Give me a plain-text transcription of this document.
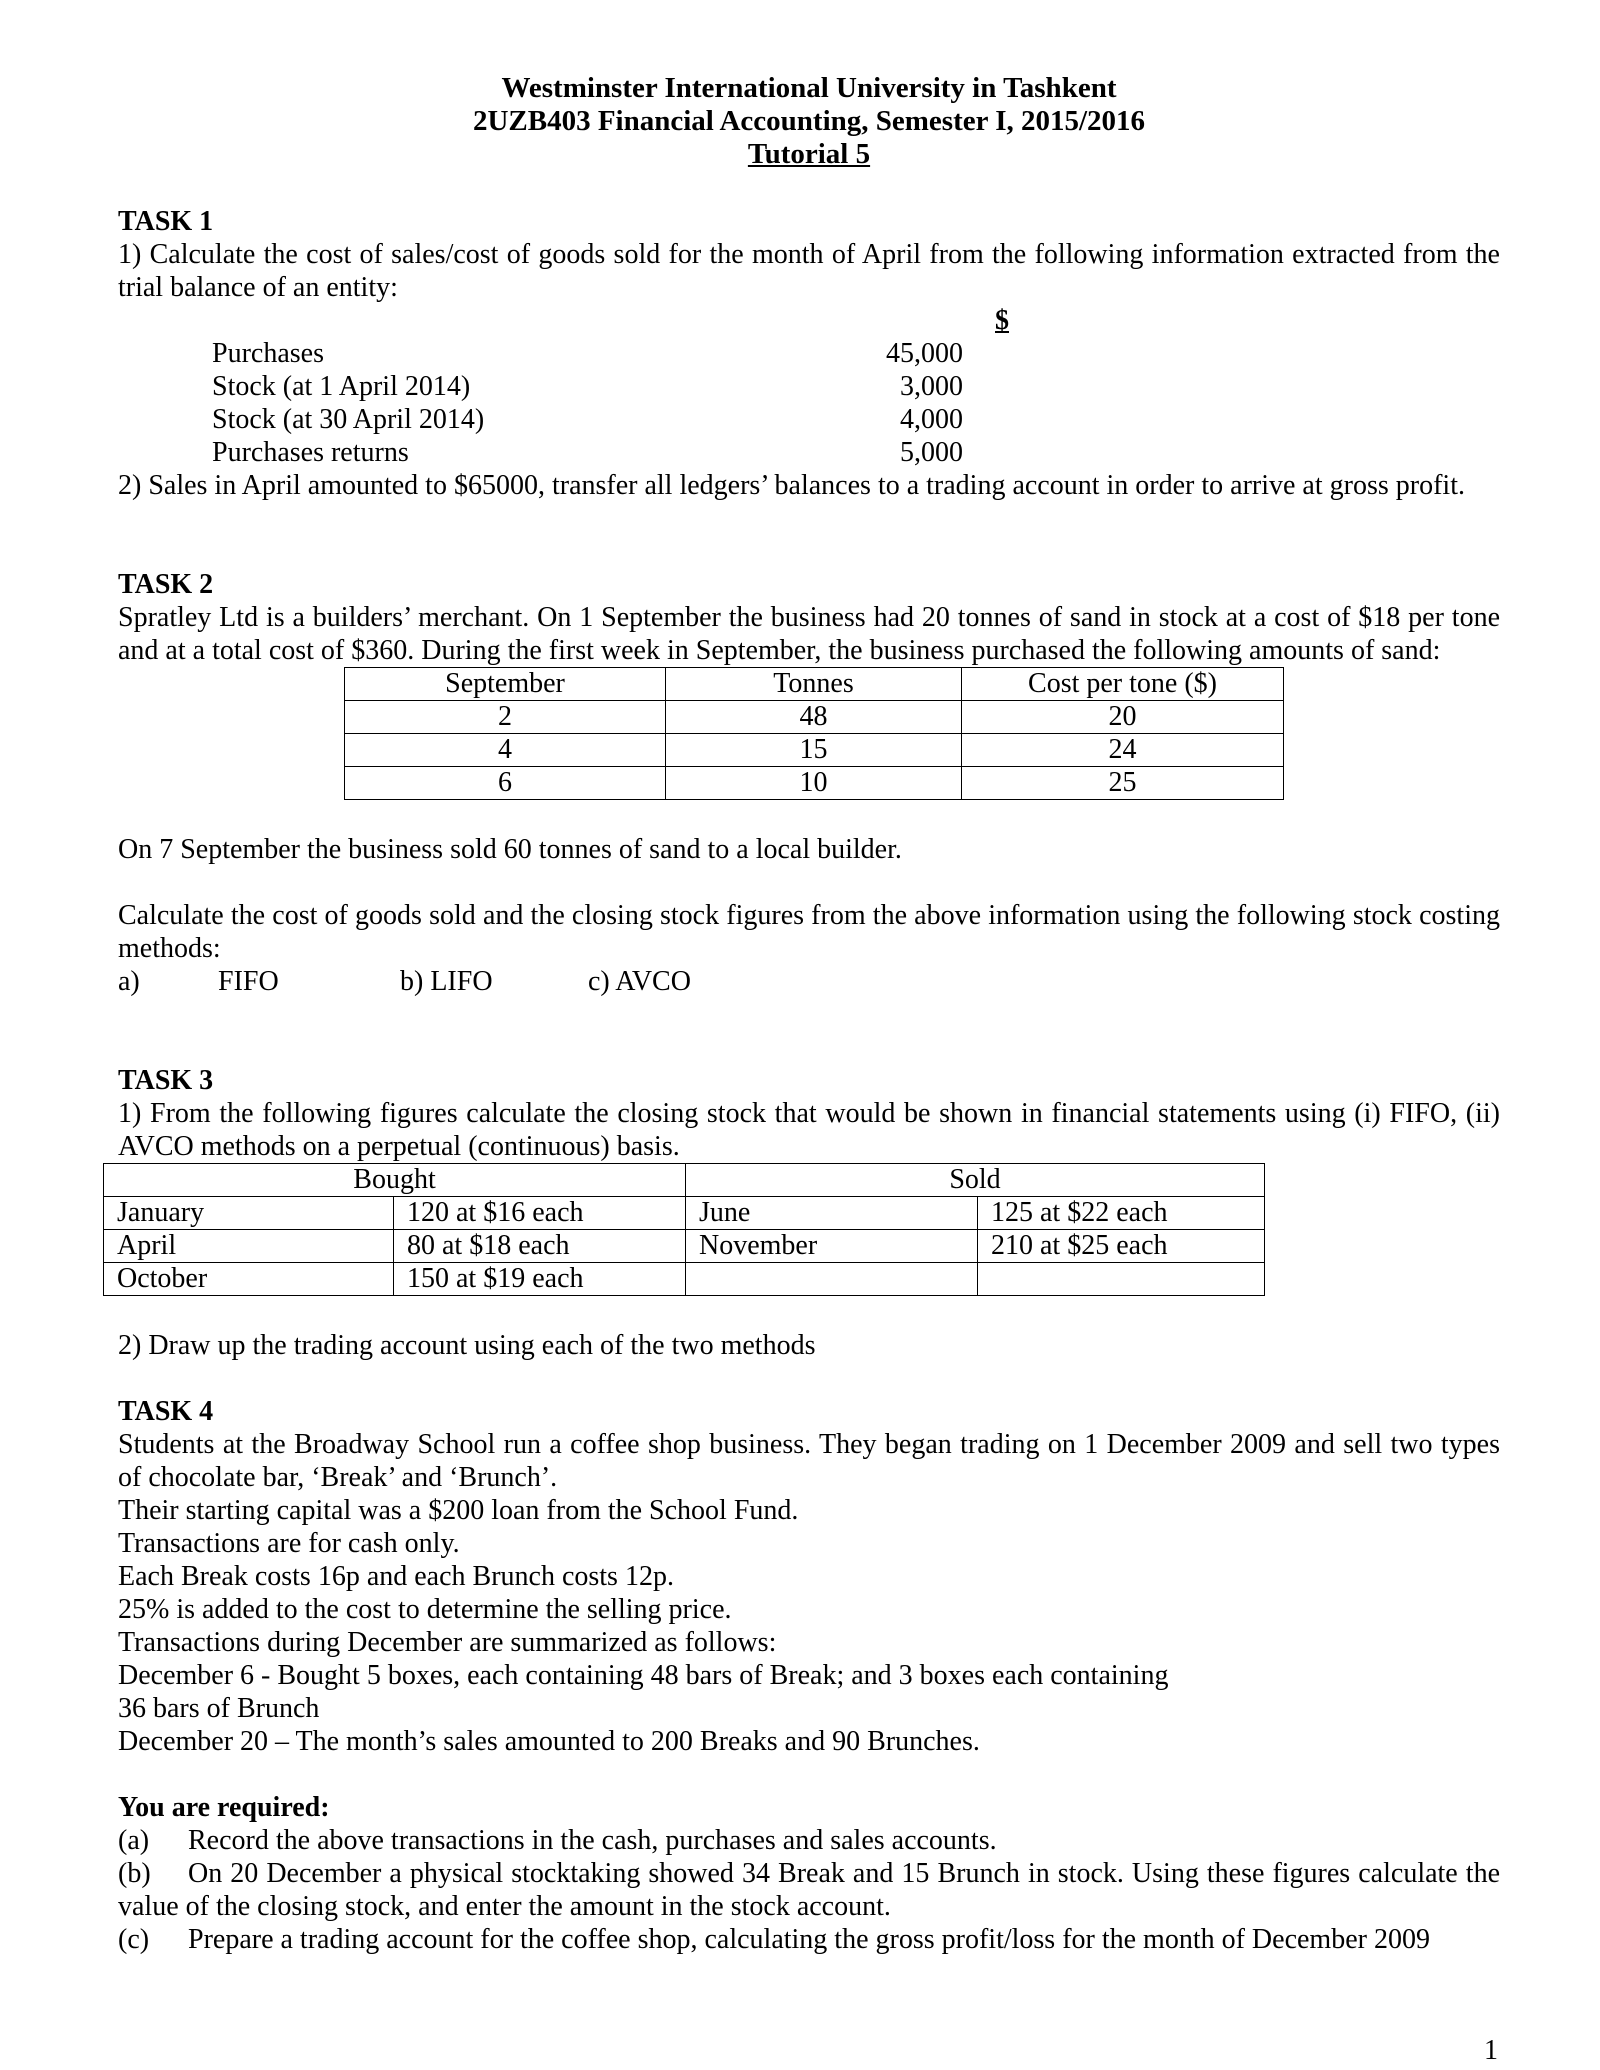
Westminster International University in Tashkent
2UZB403 Financial Accounting, Semester I, 2015/2016
Tutorial 5

TASK 1

1) Calculate the cost of sales/cost of goods sold for the month of April from the following information extracted from the trial balance of an entity:

$
Purchases	45,000
Stock (at 1 April 2014)	3,000
Stock (at 30 April 2014)	4,000
Purchases returns	5,000

2) Sales in April amounted to $65000, transfer all ledgers’ balances to a trading account in order to arrive at gross profit.

TASK 2

Spratley Ltd is a builders’ merchant. On 1 September the business had 20 tonnes of sand in stock at a cost of $18 per tone and at a total cost of $360. During the first week in September, the business purchased the following amounts of sand:

September	Tonnes	Cost per tone ($)
2	48	20
4	15	24
6	10	25

On 7 September the business sold 60 tonnes of sand to a local builder.

Calculate the cost of goods sold and the closing stock figures from the above information using the following stock costing methods:

a)	FIFO	b) LIFO	c) AVCO

TASK 3

1) From the following figures calculate the closing stock that would be shown in financial statements using (i) FIFO, (ii) AVCO methods on a perpetual (continuous) basis.

Bought		Sold	
January	120 at $16 each	June	125 at $22 each
April	80 at $18 each	November	210 at $25 each
October	150 at $19 each		

2) Draw up the trading account using each of the two methods

TASK 4

Students at the Broadway School run a coffee shop business. They began trading on 1 December 2009 and sell two types of chocolate bar, ‘Break’ and ‘Brunch’.

Their starting capital was a $200 loan from the School Fund.

Transactions are for cash only.

Each Break costs 16p and each Brunch costs 12p.

25% is added to the cost to determine the selling price.

Transactions during December are summarized as follows:

December 6 - Bought 5 boxes, each containing 48 bars of Break; and 3 boxes each containing

36 bars of Brunch

December 20 – The month’s sales amounted to 200 Breaks and 90 Brunches.

You are required:

(a)	Record the above transactions in the cash, purchases and sales accounts.

(b) On 20 December a physical stocktaking showed 34 Break and 15 Brunch in stock. Using these figures calculate the value of the closing stock, and enter the amount in the stock account.

(c)	Prepare a trading account for the coffee shop, calculating the gross profit/loss for the month of December 2009
1
